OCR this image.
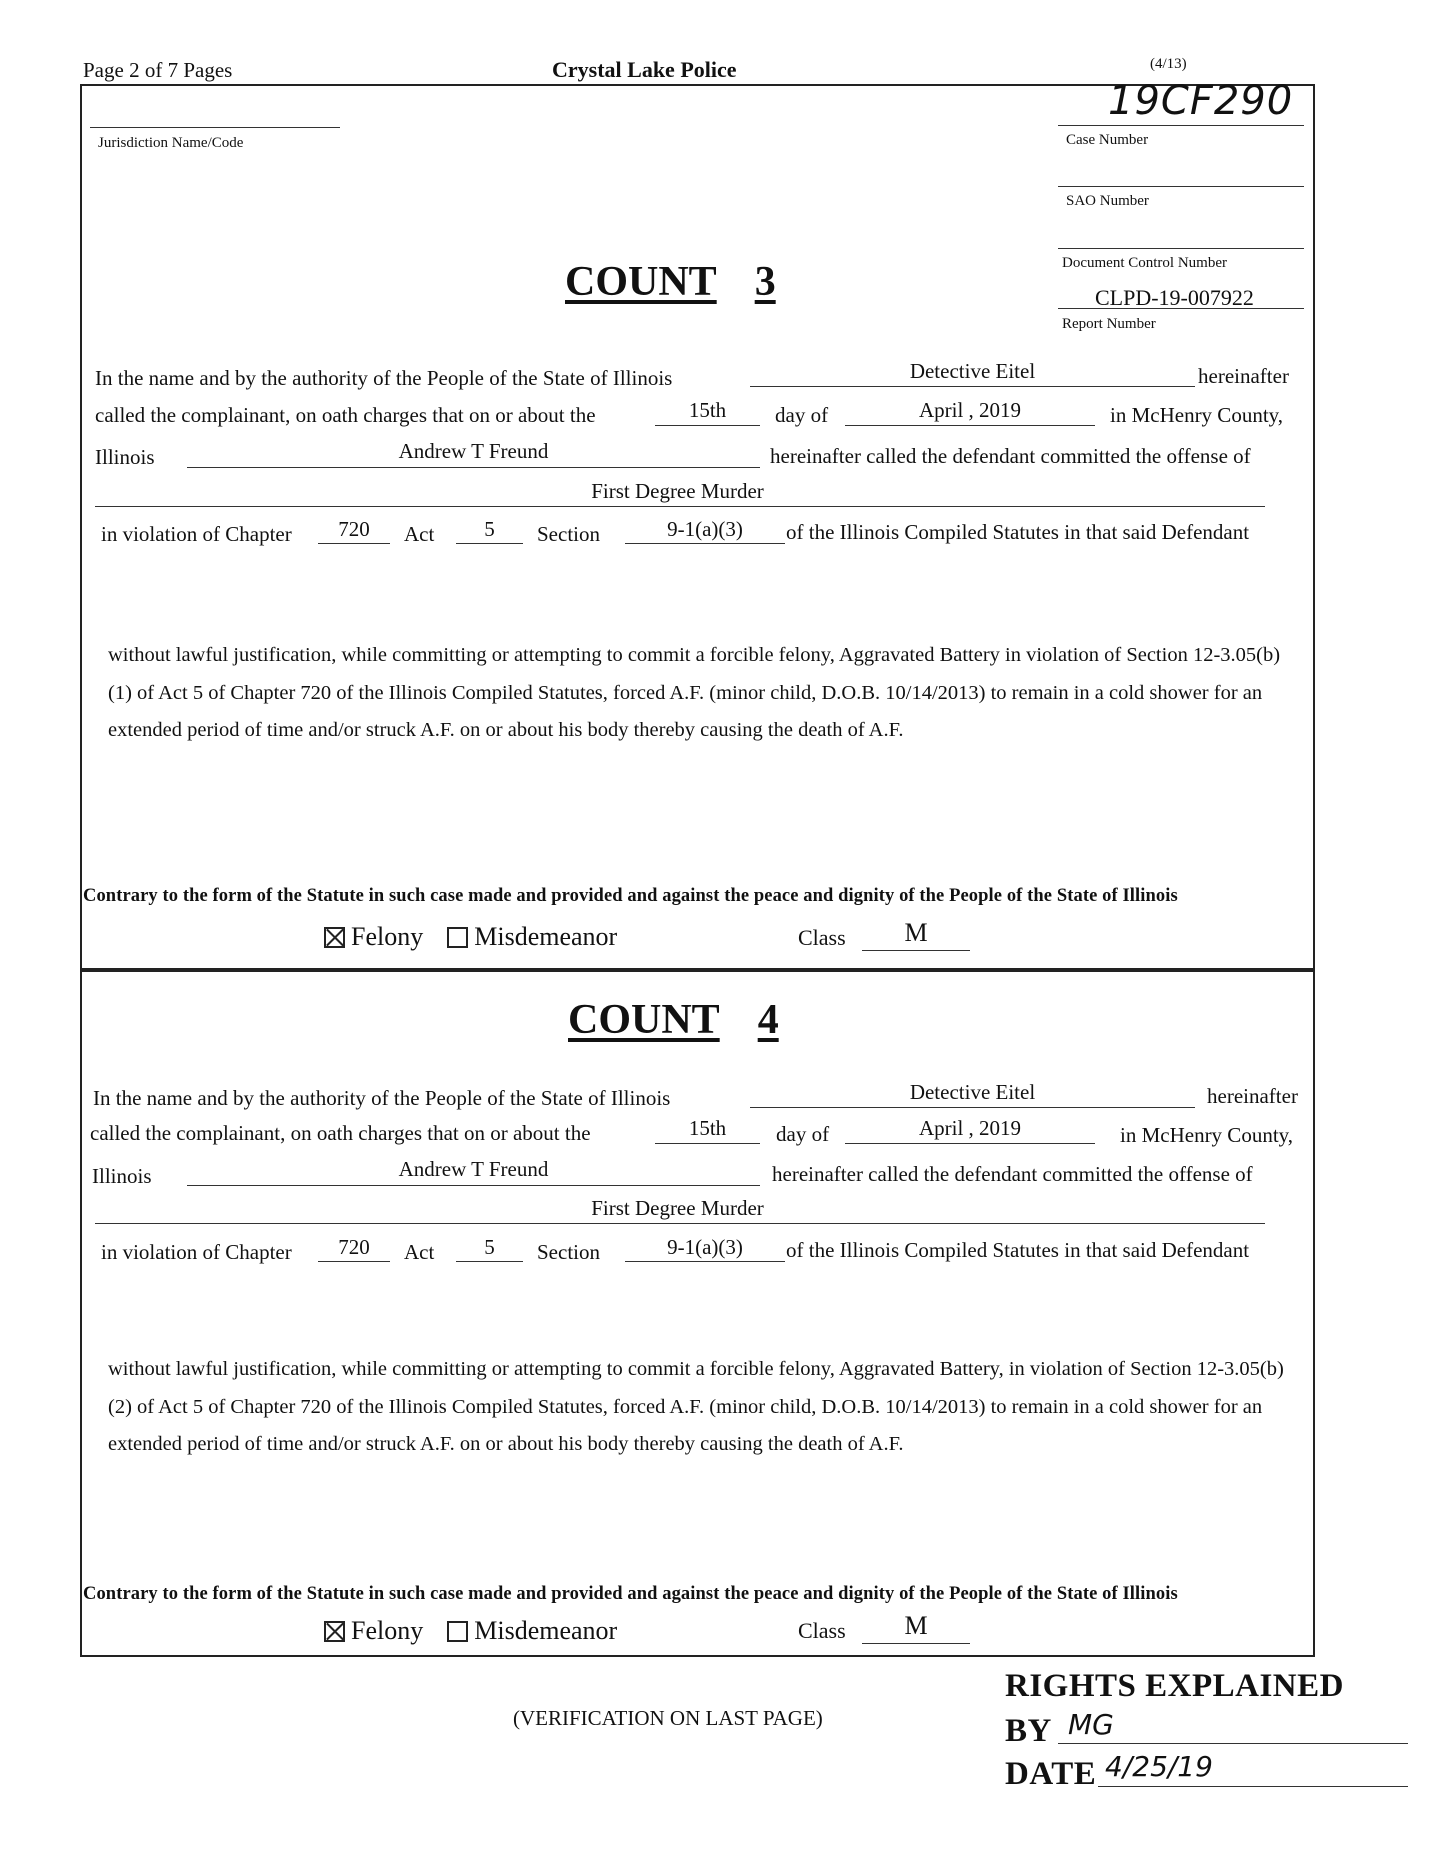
Page 2 of 7 Pages	Crystal Lake Police	(4/13)
Jurisdiction Name/Code
19CF290
Case Number
SAO Number
Document Control Number
CLPD-19-007922
Report Number
COUNT 3
In the name and by the authority of the People of the State of Illinois	Detective Eitel	hereinafter
called the complainant, on oath charges that on or about the	15th	day of	April , 2019	in McHenry County,
Illinois	Andrew T Freund	hereinafter called the defendant committed the offense of
First Degree Murder
in violation of Chapter	720	Act	5	Section	9-1(a)(3)	of the Illinois Compiled Statutes in that said Defendant
without lawful justification, while committing or attempting to commit a forcible felony, Aggravated Battery in violation of Section 12-3.05(b)(1) of Act 5 of Chapter 720 of the Illinois Compiled Statutes, forced A.F. (minor child, D.O.B. 10/14/2013) to remain in a cold shower for an extended period of time and/or struck A.F. on or about his body thereby causing the death of A.F.
Contrary to the form of the Statute in such case made and provided and against the peace and dignity of the People of the State of Illinois
Felony Misdemeanor	Class	M
COUNT 4
In the name and by the authority of the People of the State of Illinois	Detective Eitel	hereinafter
called the complainant, on oath charges that on or about the	15th	day of	April , 2019	in McHenry County,
Illinois	Andrew T Freund	hereinafter called the defendant committed the offense of
First Degree Murder
in violation of Chapter	720	Act	5	Section	9-1(a)(3)	of the Illinois Compiled Statutes in that said Defendant
without lawful justification, while committing or attempting to commit a forcible felony, Aggravated Battery, in violation of Section 12-3.05(b)(2) of Act 5 of Chapter 720 of the Illinois Compiled Statutes, forced A.F. (minor child, D.O.B. 10/14/2013) to remain in a cold shower for an extended period of time and/or struck A.F. on or about his body thereby causing the death of A.F.
Contrary to the form of the Statute in such case made and provided and against the peace and dignity of the People of the State of Illinois
Felony Misdemeanor	Class	M
(VERIFICATION ON LAST PAGE)
RIGHTS EXPLAINED
BY MG
DATE 4/25/19
